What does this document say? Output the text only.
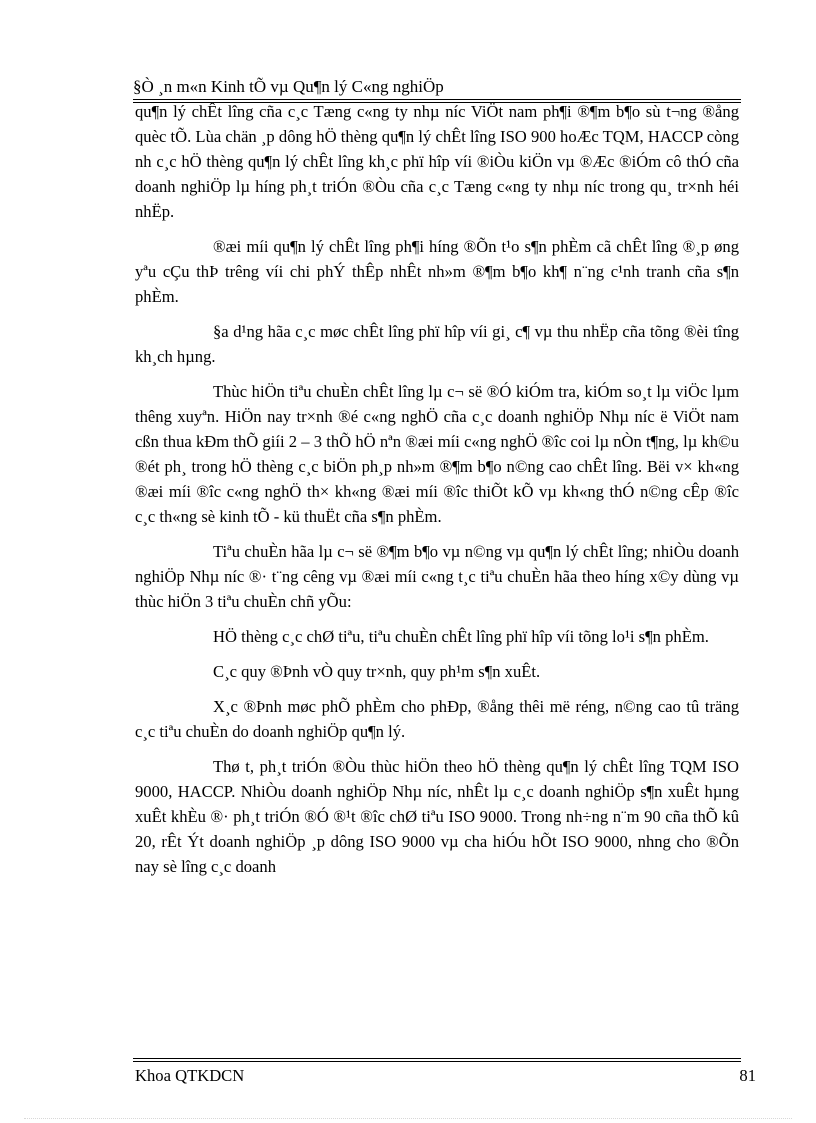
§Ò ¸n m«n Kinh tÕ vµ Qu¶n lý C«ng nghiÖp

qu¶n lý chÊt lîng cña c¸c Tæng c«ng ty nhµ níc ViÖt nam ph¶i ®¶m b¶o sù t¬ng ®ång quèc tÕ. Lùa chän ¸p dông hÖ thèng qu¶n lý chÊt lîng ISO 900 hoÆc TQM, HACCP còng nh c¸c hÖ thèng qu¶n lý chÊt lîng kh¸c phï hîp víi ®iÒu kiÖn vµ ®Æc ®iÓm cô thÓ cña doanh nghiÖp lµ híng ph¸t triÓn ®Òu cña c¸c Tæng c«ng ty nhµ níc trong qu¸ tr×nh héi nhËp.

®æi míi qu¶n lý chÊt lîng ph¶i híng ®Õn t¹o s¶n phÈm cã chÊt lîng ®¸p øng yªu cÇu thÞ trêng víi chi phÝ thÊp nhÊt nh»m ®¶m b¶o kh¶ n¨ng c¹nh tranh cña s¶n phÈm.

§a d¹ng hãa c¸c møc chÊt lîng phï hîp víi gi¸ c¶ vµ thu nhËp cña tõng ®èi tîng kh¸ch hµng.

Thùc hiÖn tiªu chuÈn chÊt lîng lµ c¬ së ®Ó kiÓm tra, kiÓm so¸t lµ viÖc lµm thêng xuyªn. HiÖn nay tr×nh ®é c«ng nghÖ cña c¸c doanh nghiÖp Nhµ níc ë ViÖt nam cßn thua kÐm thÕ giíi 2 – 3 thÕ hÖ nªn ®æi míi c«ng nghÖ ®îc coi lµ nÒn t¶ng, lµ kh©u ®ét ph¸ trong hÖ thèng c¸c biÖn ph¸p nh»m ®¶m b¶o n©ng cao chÊt lîng. Bëi v× kh«ng ®æi míi ®îc c«ng nghÖ th× kh«ng ®æi míi ®îc thiÕt kÕ vµ kh«ng thÓ n©ng cÊp ®îc c¸c th«ng sè kinh tÕ - kü thuËt cña s¶n phÈm.

Tiªu chuÈn hãa lµ c¬ së ®¶m b¶o vµ n©ng vµ qu¶n lý chÊt lîng; nhiÒu doanh nghiÖp Nhµ níc ®· t¨ng cêng vµ ®æi míi c«ng t¸c tiªu chuÈn hãa theo híng x©y dùng vµ thùc hiÖn 3 tiªu chuÈn chñ yÕu:

HÖ thèng c¸c chØ tiªu, tiªu chuÈn chÊt lîng phï hîp víi tõng lo¹i s¶n phÈm.

C¸c quy ®Þnh vÒ quy tr×nh, quy ph¹m s¶n xuÊt.

X¸c ®Þnh møc phÕ phÈm cho phÐp, ®ång thêi më réng, n©ng cao tû träng c¸c tiªu chuÈn do doanh nghiÖp qu¶n lý.

Thø t, ph¸t triÓn ®Òu thùc hiÖn theo hÖ thèng qu¶n lý chÊt lîng TQM ISO 9000, HACCP. NhiÒu doanh nghiÖp Nhµ níc, nhÊt lµ c¸c doanh nghiÖp s¶n xuÊt hµng xuÊt khÈu ®· ph¸t triÓn ®Ó ®¹t ®îc chØ tiªu ISO 9000. Trong nh÷ng n¨m 90 cña thÕ kû 20, rÊt Ýt doanh nghiÖp ¸p dông ISO 9000 vµ cha hiÓu hÕt ISO 9000, nhng cho ®Õn nay sè lîng c¸c doanh

Khoa QTKDCN	81
